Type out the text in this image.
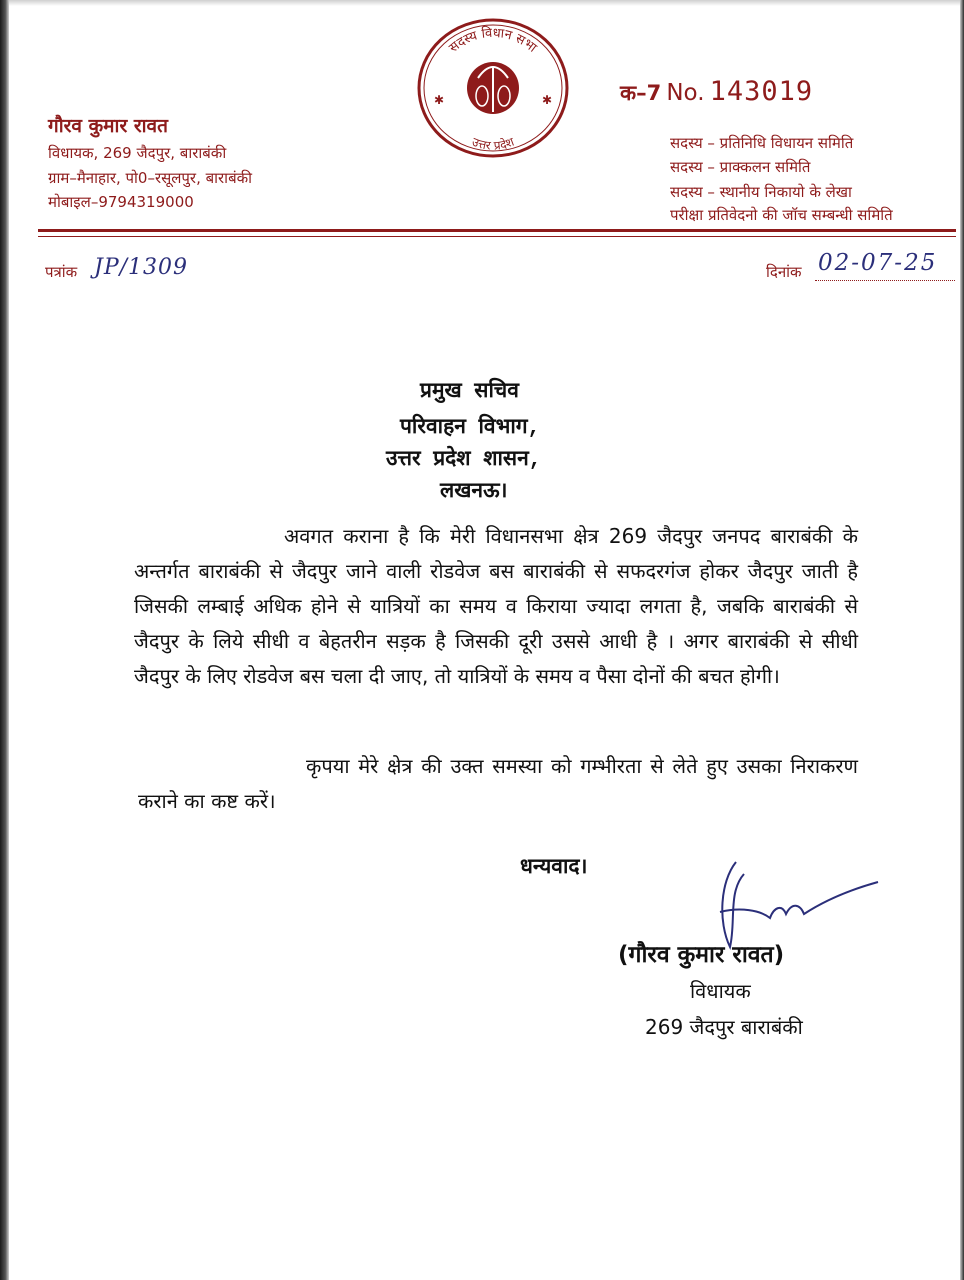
गौरव कुमार रावत
विधायक, 269 जैदपुर, बाराबंकी
ग्राम–मैनाहार, पो0–रसूलपुर, बाराबंकी
मोबाइल–9794319000
सदस्य विधान सभा
उत्तर प्रदेश
✱	✱	क–7 No. 143019
सदस्य – प्रतिनिधि विधायन समिति
सदस्य – प्राक्कलन समिति
सदस्य – स्थानीय निकायो के लेखा
परीक्षा प्रतिवेदनो की जॉच सम्बन्धी समिति
पत्रांक JP/1309	दिनांक 02-07-25
प्रमुख सचिव
परिवाहन विभाग,
उत्तर प्रदेश शासन,
लखनऊ।
अवगत कराना है कि मेरी विधानसभा क्षेत्र 269 जैदपुर जनपद बाराबंकी के अन्तर्गत बाराबंकी से जैदपुर जाने वाली रोडवेज बस बाराबंकी से सफदरगंज होकर जैदपुर जाती है जिसकी लम्बाई अधिक होने से यात्रियों का समय व किराया ज्यादा लगता है, जबकि बाराबंकी से जैदपुर के लिये सीधी व बेहतरीन सड़क है जिसकी दूरी उससे आधी है । अगर बाराबंकी से सीधी जैदपुर के लिए रोडवेज बस चला दी जाए, तो यात्रियों के समय व पैसा दोनों की बचत होगी।
कृपया मेरे क्षेत्र की उक्त समस्या को गम्भीरता से लेते हुए उसका निराकरण कराने का कष्ट करें।
धन्यवाद।
(गौरव कुमार रावत)
विधायक
269 जैदपुर बाराबंकी
